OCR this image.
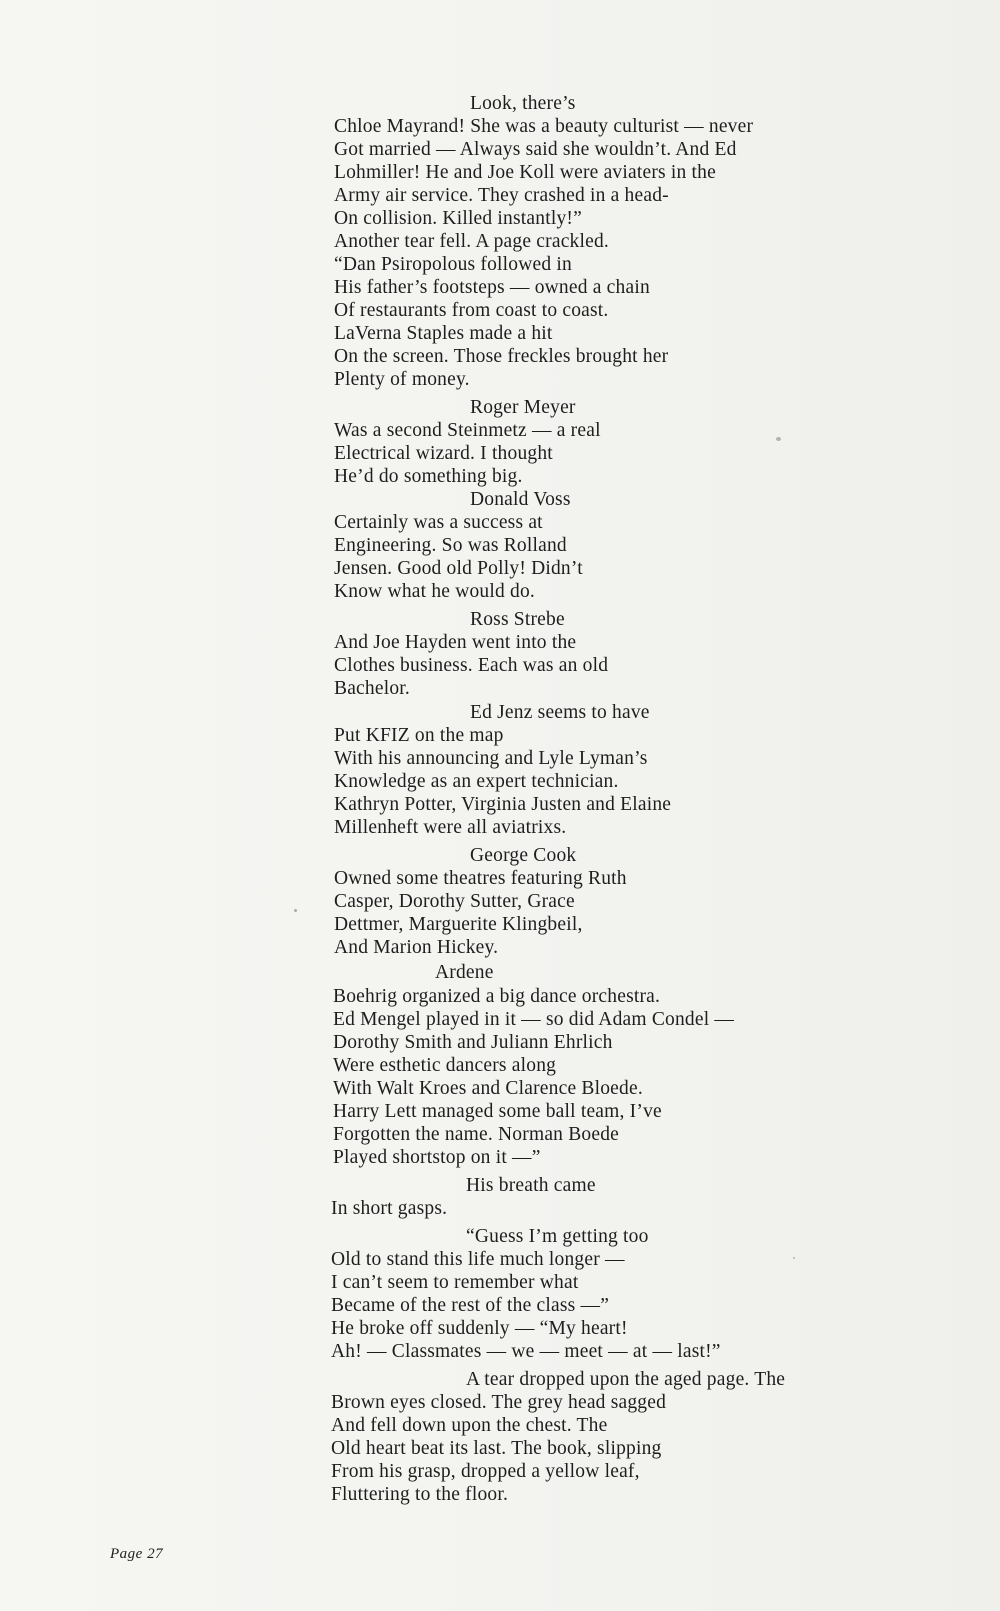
Look, there’s
Chloe Mayrand! She was a beauty culturist — never
Got married — Always said she wouldn’t. And Ed
Lohmiller! He and Joe Koll were aviaters in the
Army air service. They crashed in a head-
On collision. Killed instantly!”
Another tear fell. A page crackled.
“Dan Psiropolous followed in
His father’s footsteps — owned a chain
Of restaurants from coast to coast.
LaVerna Staples made a hit
On the screen. Those freckles brought her
Plenty of money.
Roger Meyer
Was a second Steinmetz — a real
Electrical wizard. I thought
He’d do something big.
Donald Voss
Certainly was a success at
Engineering. So was Rolland
Jensen. Good old Polly! Didn’t
Know what he would do.
Ross Strebe
And Joe Hayden went into the
Clothes business. Each was an old
Bachelor.
Ed Jenz seems to have
Put KFIZ on the map
With his announcing and Lyle Lyman’s
Knowledge as an expert technician.
Kathryn Potter, Virginia Justen and Elaine
Millenheft were all aviatrixs.
George Cook
Owned some theatres featuring Ruth
Casper, Dorothy Sutter, Grace
Dettmer, Marguerite Klingbeil,
And Marion Hickey.
Ardene
Boehrig organized a big dance orchestra.
Ed Mengel played in it — so did Adam Condel —
Dorothy Smith and Juliann Ehrlich
Were esthetic dancers along
With Walt Kroes and Clarence Bloede.
Harry Lett managed some ball team, I’ve
Forgotten the name. Norman Boede
Played shortstop on it —”
His breath came
In short gasps.
“Guess I’m getting too
Old to stand this life much longer —
I can’t seem to remember what
Became of the rest of the class —”
He broke off suddenly — “My heart!
Ah! — Classmates — we — meet — at — last!”
A tear dropped upon the aged page. The
Brown eyes closed. The grey head sagged
And fell down upon the chest. The
Old heart beat its last. The book, slipping
From his grasp, dropped a yellow leaf,
Fluttering to the floor.
Page 27
